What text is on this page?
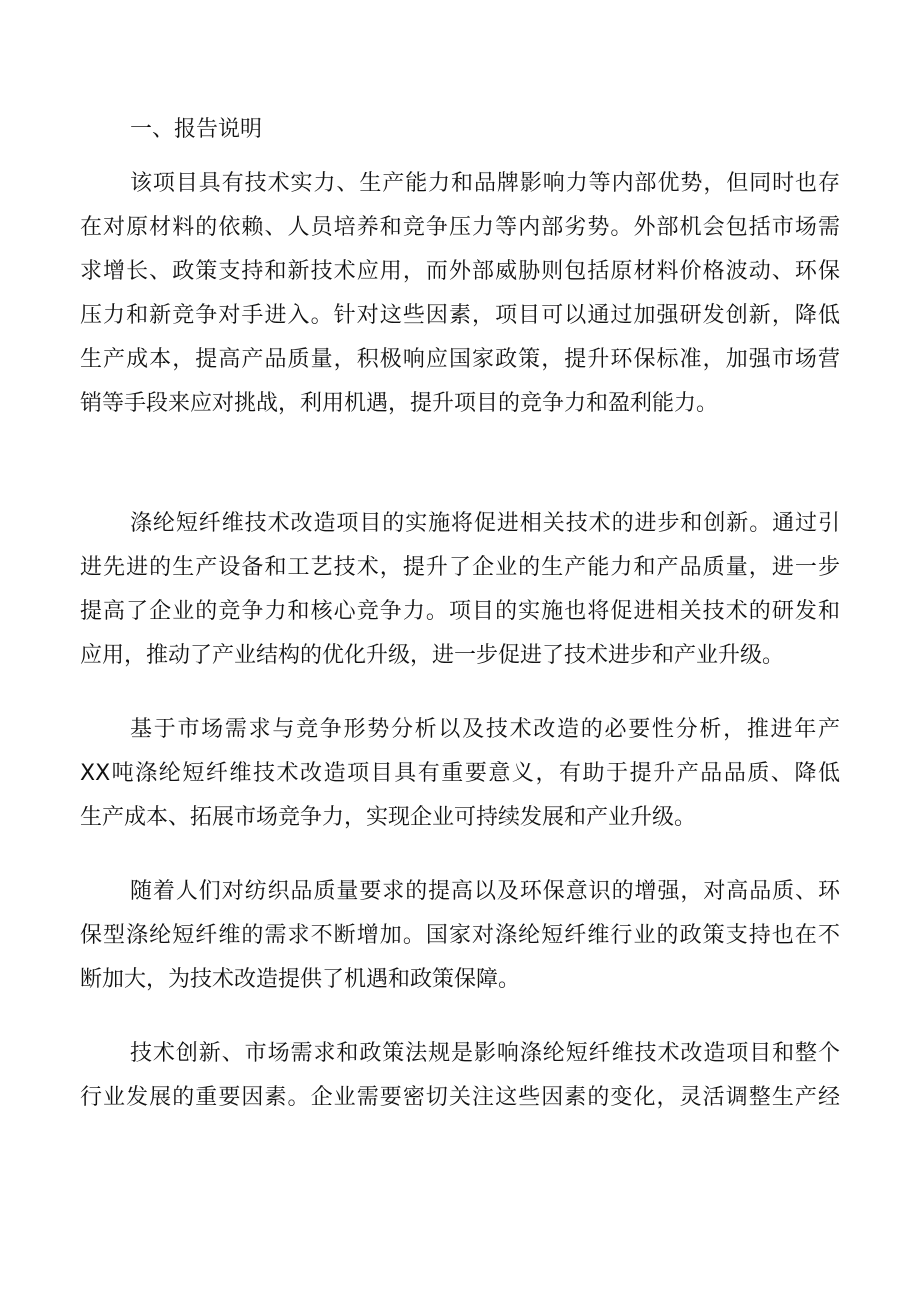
一、报告说明
该项目具有技术实力、生产能力和品牌影响力等内部优势，但同时也存
在对原材料的依赖、人员培养和竞争压力等内部劣势。外部机会包括市场需
求增长、政策支持和新技术应用，而外部威胁则包括原材料价格波动、环保
压力和新竞争对手进入。针对这些因素，项目可以通过加强研发创新，降低
生产成本，提高产品质量，积极响应国家政策，提升环保标准，加强市场营
销等手段来应对挑战，利用机遇，提升项目的竞争力和盈利能力。
涤纶短纤维技术改造项目的实施将促进相关技术的进步和创新。通过引
进先进的生产设备和工艺技术，提升了企业的生产能力和产品质量，进一步
提高了企业的竞争力和核心竞争力。项目的实施也将促进相关技术的研发和
应用，推动了产业结构的优化升级，进一步促进了技术进步和产业升级。
基于市场需求与竞争形势分析以及技术改造的必要性分析，推进年产
XX吨涤纶短纤维技术改造项目具有重要意义，有助于提升产品品质、降低
生产成本、拓展市场竞争力，实现企业可持续发展和产业升级。
随着人们对纺织品质量要求的提高以及环保意识的增强，对高品质、环
保型涤纶短纤维的需求不断增加。国家对涤纶短纤维行业的政策支持也在不
断加大，为技术改造提供了机遇和政策保障。
技术创新、市场需求和政策法规是影响涤纶短纤维技术改造项目和整个
行业发展的重要因素。企业需要密切关注这些因素的变化，灵活调整生产经
